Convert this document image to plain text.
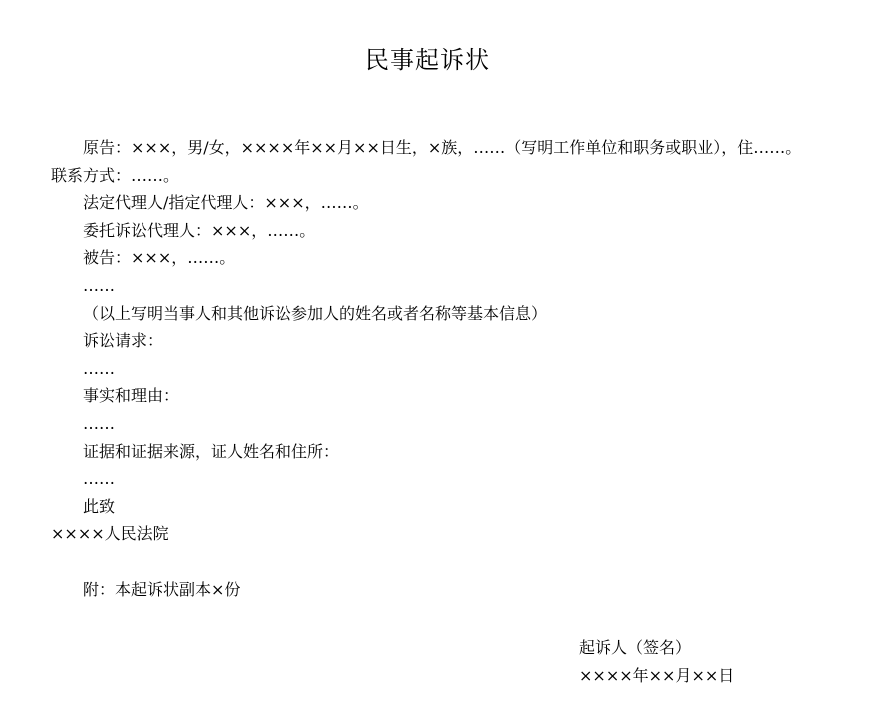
民事起诉状

原告：×××，男/女，××××年××月××日生，×族，……（写明工作单位和职务或职业），住……。联系方式：……。

法定代理人/指定代理人：×××，……。

委托诉讼代理人：×××，……。

被告：×××，……。

……

（以上写明当事人和其他诉讼参加人的姓名或者名称等基本信息）

诉讼请求：

……

事实和理由：

……

证据和证据来源，证人姓名和住所：

……

此致

××××人民法院

附：本起诉状副本×份

起诉人（签名）
××××年××月××日
